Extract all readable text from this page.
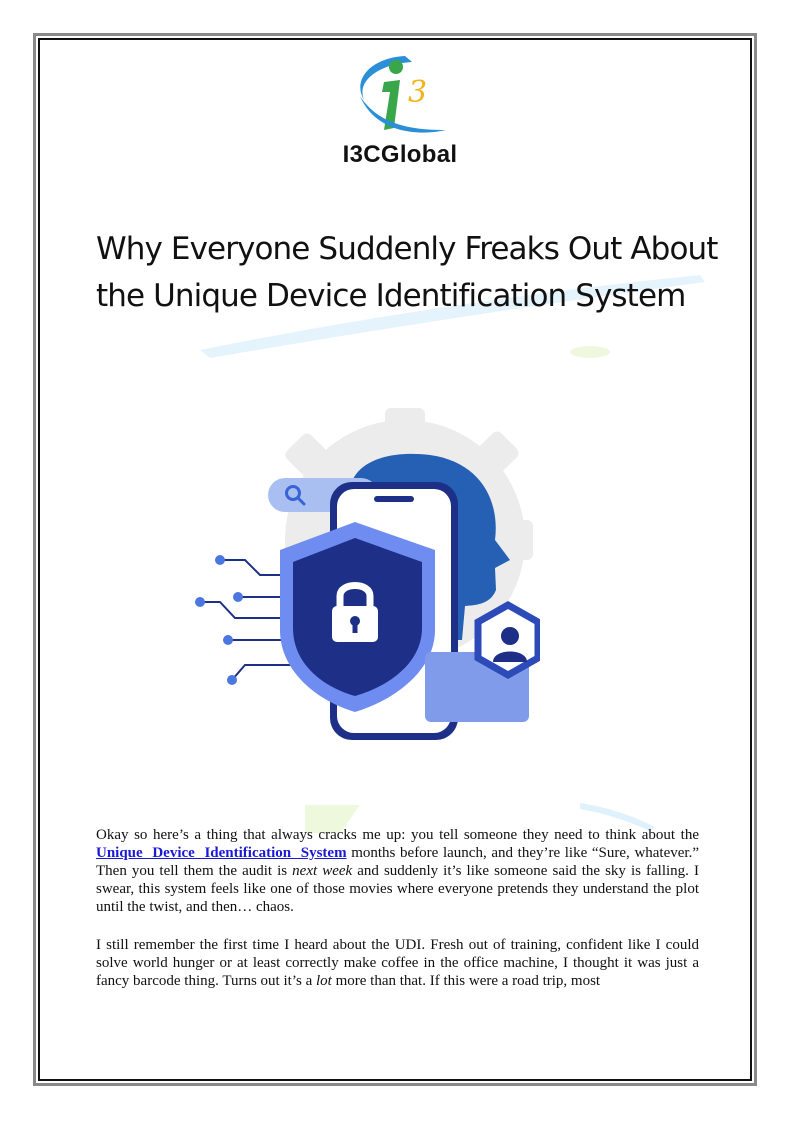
3
I3CGlobal
Why Everyone Suddenly Freaks Out About
the Unique Device Identification System

Okay so here’s a thing that always cracks me up: you tell someone they need to think about the Unique Device Identification System months before launch, and they’re like “Sure, whatever.” Then you tell them the audit is next week and suddenly it’s like someone said the sky is falling. I swear, this system feels like one of those movies where everyone pretends they understand the plot until the twist, and then… chaos.

I still remember the first time I heard about the UDI. Fresh out of training, confident like I could solve world hunger or at least correctly make coffee in the office machine, I thought it was just a fancy barcode thing. Turns out it’s a lot more than that. If this were a road trip, most
